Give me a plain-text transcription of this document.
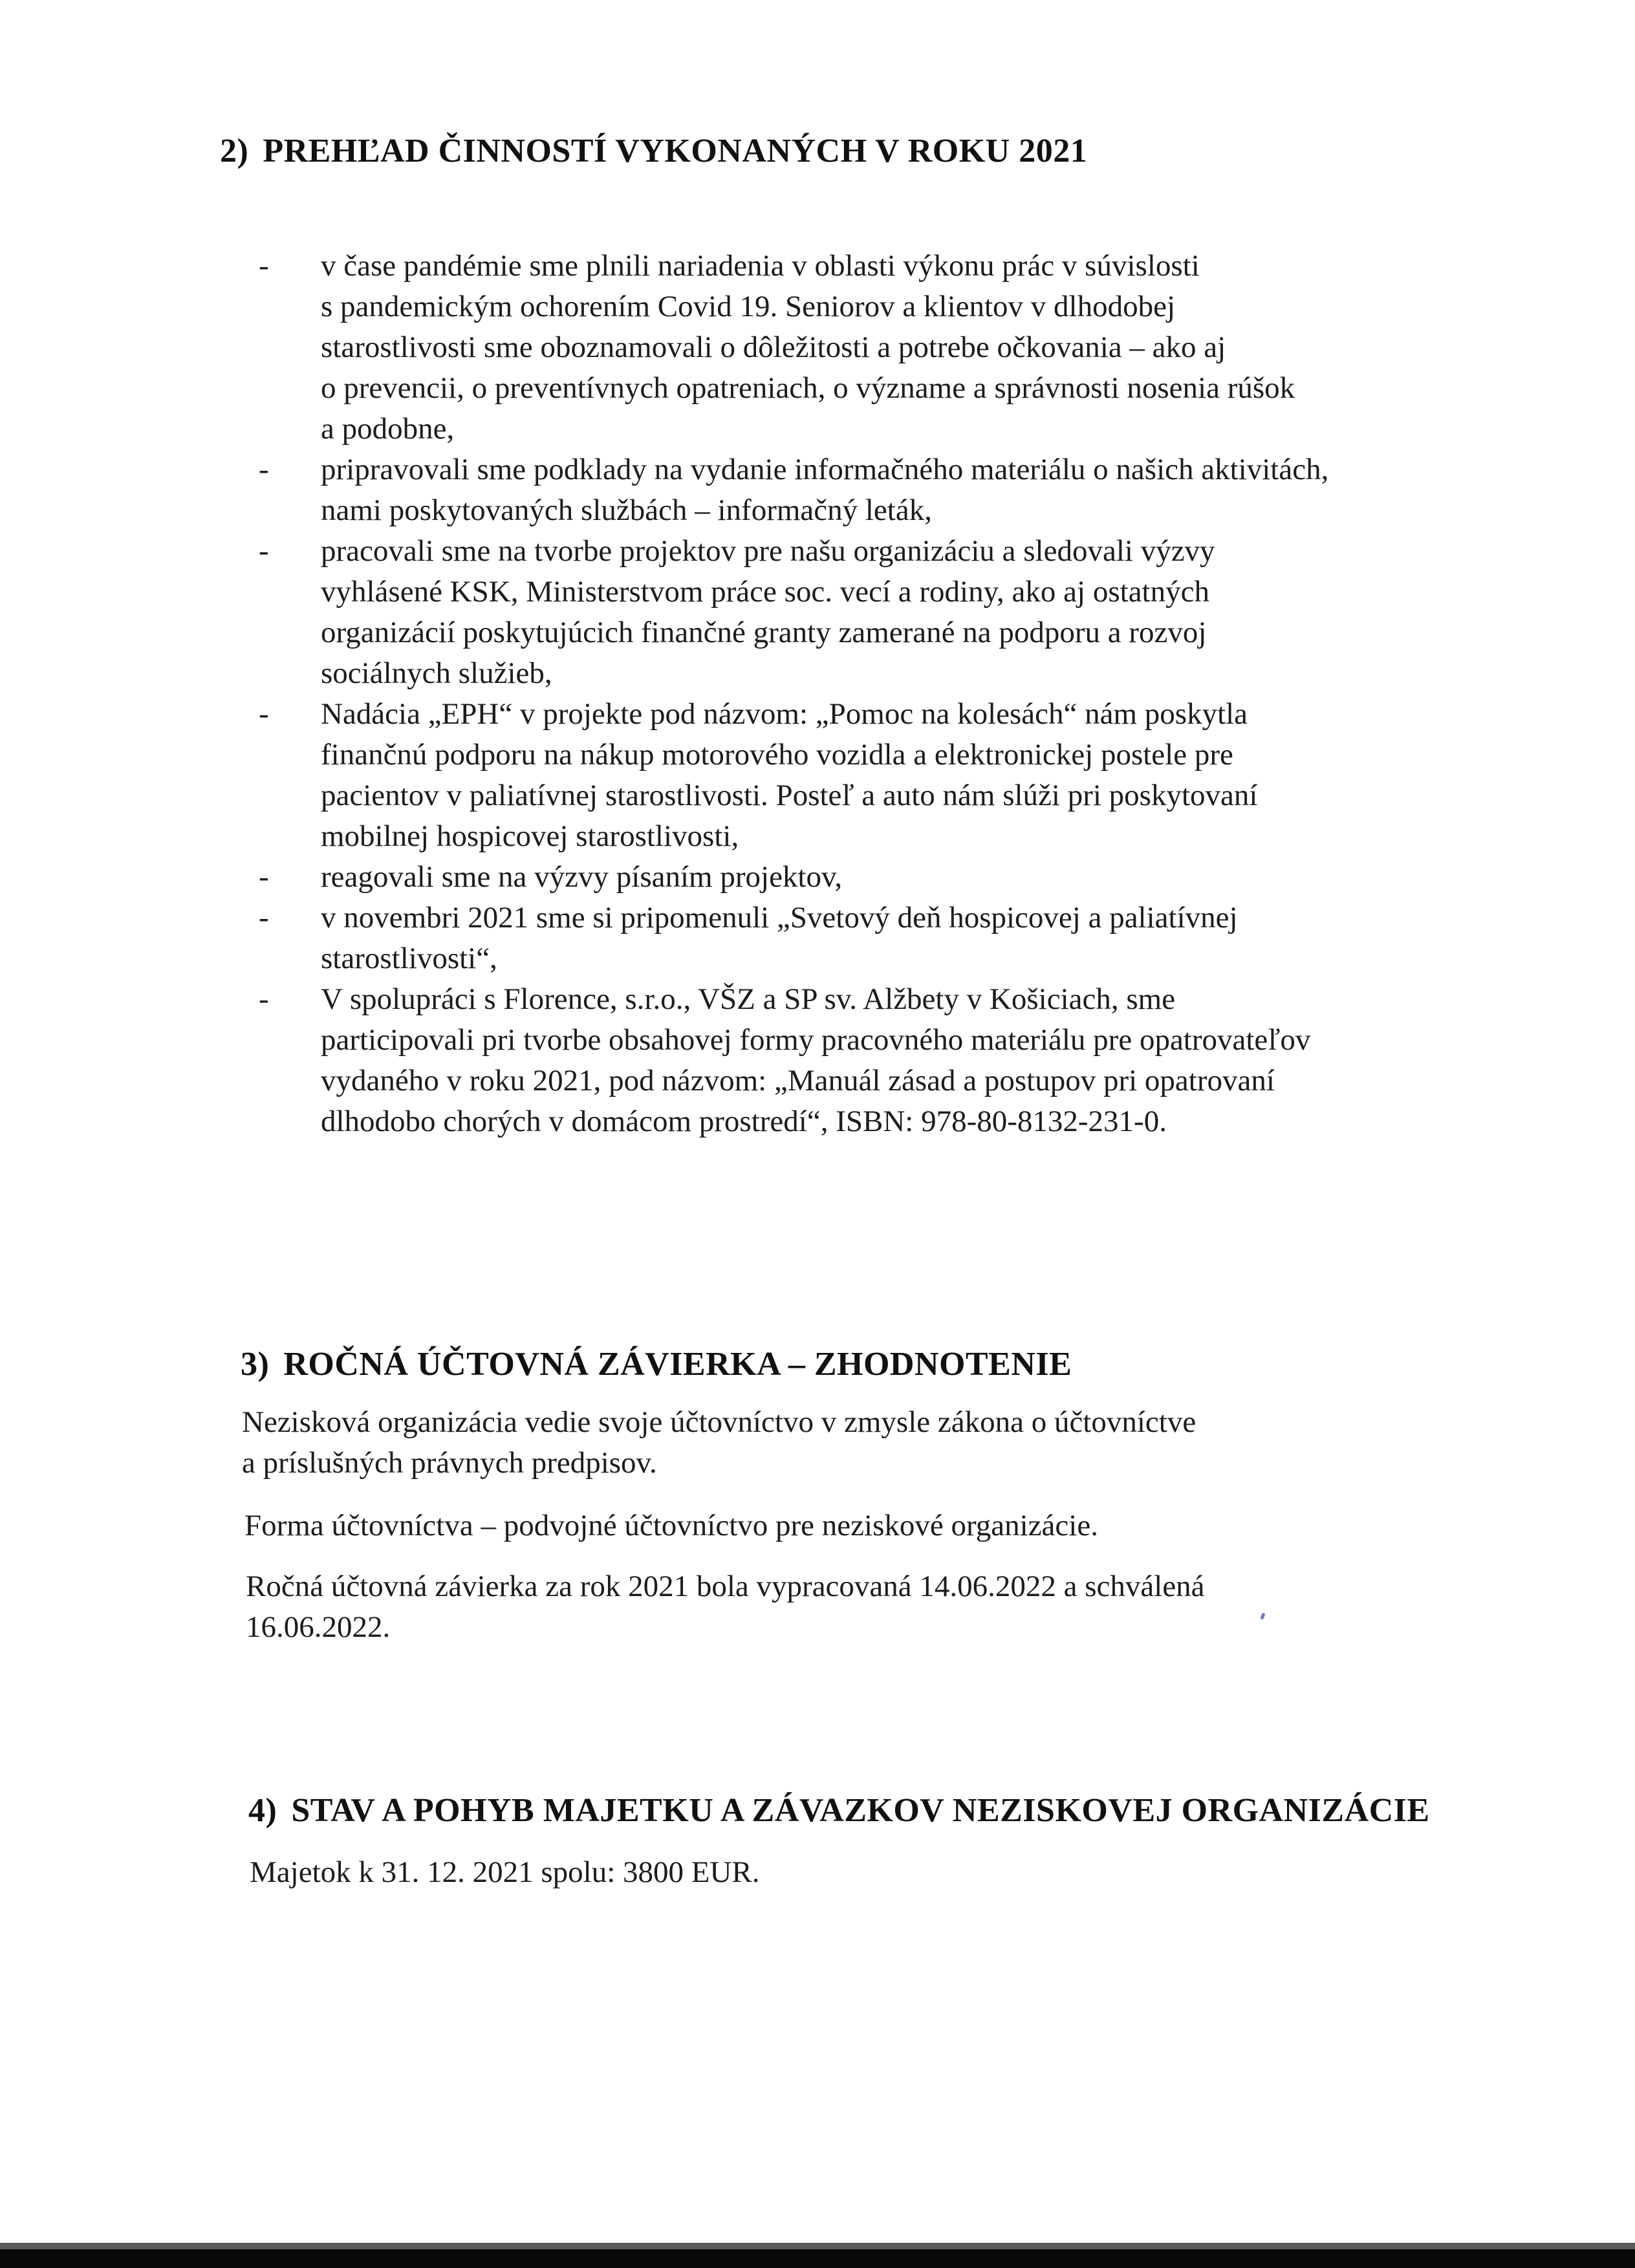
2) PREHĽAD ČINNOSTÍ VYKONANÝCH V ROKU 2021
-	v čase pandémie sme plnili nariadenia v oblasti výkonu prác v súvislosti
s pandemickým ochorením Covid 19. Seniorov a klientov v dlhodobej
starostlivosti sme oboznamovali o dôležitosti a potrebe očkovania – ako aj
o prevencii, o preventívnych opatreniach, o význame a správnosti nosenia rúšok
a podobne,
-	pripravovali sme podklady na vydanie informačného materiálu o našich aktivitách,
nami poskytovaných službách – informačný leták,
-	pracovali sme na tvorbe projektov pre našu organizáciu a sledovali výzvy
vyhlásené KSK, Ministerstvom práce soc. vecí a rodiny, ako aj ostatných
organizácií poskytujúcich finančné granty zamerané na podporu a rozvoj
sociálnych služieb,
-	Nadácia „EPH“ v projekte pod názvom: „Pomoc na kolesách“ nám poskytla
finančnú podporu na nákup motorového vozidla a elektronickej postele pre
pacientov v paliatívnej starostlivosti. Posteľ a auto nám slúži pri poskytovaní
mobilnej hospicovej starostlivosti,
-	reagovali sme na výzvy písaním projektov,
-	v novembri 2021 sme si pripomenuli „Svetový deň hospicovej a paliatívnej
starostlivosti“,
-	V spolupráci s Florence, s.r.o., VŠZ a SP sv. Alžbety v Košiciach, sme
participovali pri tvorbe obsahovej formy pracovného materiálu pre opatrovateľov
vydaného v roku 2021, pod názvom: „Manuál zásad a postupov pri opatrovaní
dlhodobo chorých v domácom prostredí“, ISBN: 978-80-8132-231-0.
3) ROČNÁ ÚČTOVNÁ ZÁVIERKA – ZHODNOTENIE
Nezisková organizácia vedie svoje účtovníctvo v zmysle zákona o účtovníctve
a príslušných právnych predpisov.
Forma účtovníctva – podvojné účtovníctvo pre neziskové organizácie.
Ročná účtovná závierka za rok 2021 bola vypracovaná 14.06.2022 a schválená
16.06.2022.
4) STAV A POHYB MAJETKU A ZÁVAZKOV NEZISKOVEJ ORGANIZÁCIE
Majetok k 31. 12. 2021 spolu: 3800 EUR.
